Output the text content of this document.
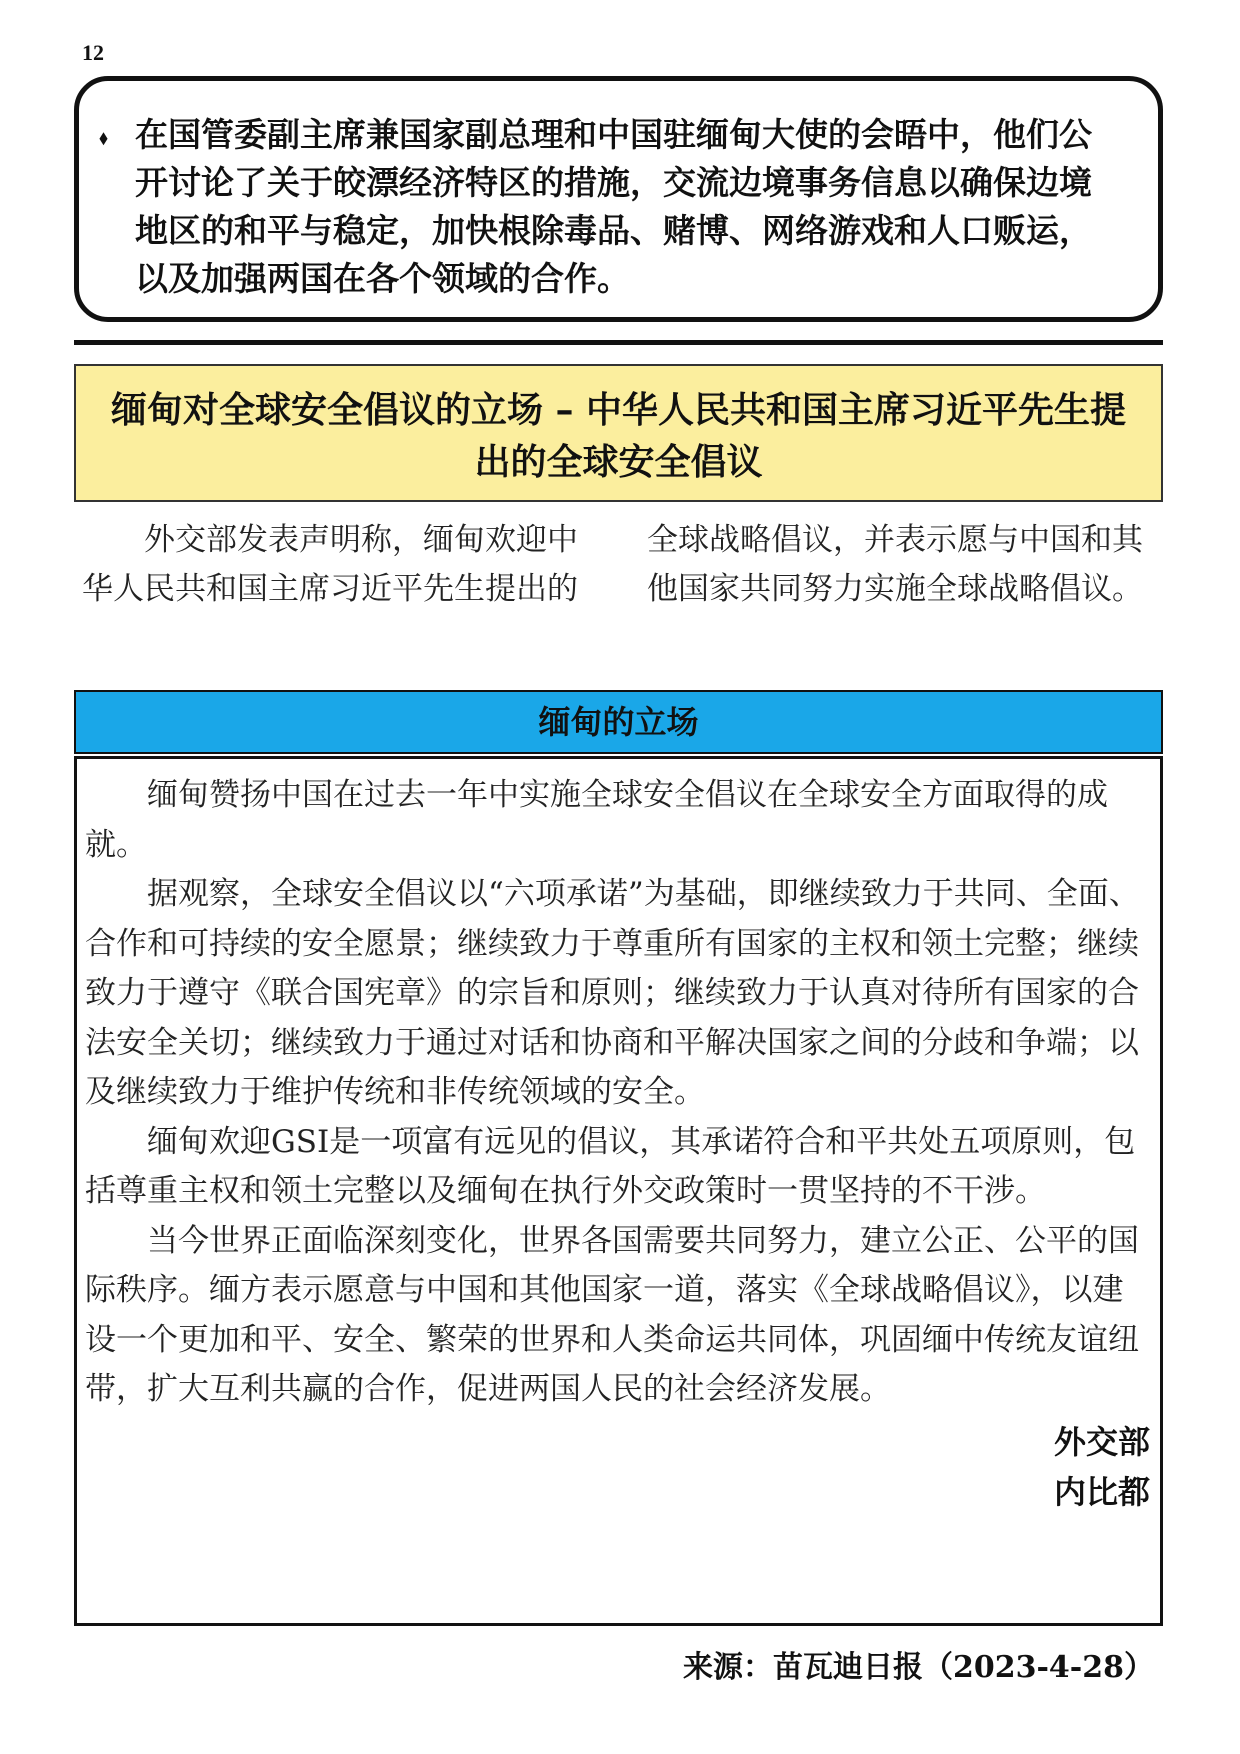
12
⬧ 在国管委副主席兼国家副总理和中国驻缅甸大使的会晤中，他们公开讨论了关于皎漂经济特区的措施，交流边境事务信息以确保边境地区的和平与稳定，加快根除毒品、赌博、网络游戏和人口贩运，以及加强两国在各个领域的合作。

缅甸对全球安全倡议的立场 – 中华人民共和国主席习近平先生提
出的全球安全倡议

外交部发表声明称，缅甸欢迎中华人民共和国主席习近平先生提出的全球战略倡议，并表示愿与中国和其他国家共同努力实施全球战略倡议。

缅甸的立场

缅甸赞扬中国在过去一年中实施全球安全倡议在全球安全方面取得的成就。

据观察，全球安全倡议以“六项承诺”为基础，即继续致力于共同、全面、合作和可持续的安全愿景；继续致力于尊重所有国家的主权和领土完整；继续致力于遵守《联合国宪章》的宗旨和原则；继续致力于认真对待所有国家的合法安全关切；继续致力于通过对话和协商和平解决国家之间的分歧和争端；以及继续致力于维护传统和非传统领域的安全。

缅甸欢迎GSI是一项富有远见的倡议，其承诺符合和平共处五项原则，包括尊重主权和领土完整以及缅甸在执行外交政策时一贯坚持的不干涉。

当今世界正面临深刻变化，世界各国需要共同努力，建立公正、公平的国际秩序。缅方表示愿意与中国和其他国家一道，落实《全球战略倡议》，以建设一个更加和平、安全、繁荣的世界和人类命运共同体，巩固缅中传统友谊纽带，扩大互利共赢的合作，促进两国人民的社会经济发展。

外交部
内比都
来源：苗瓦迪日报（2023-4-28）
